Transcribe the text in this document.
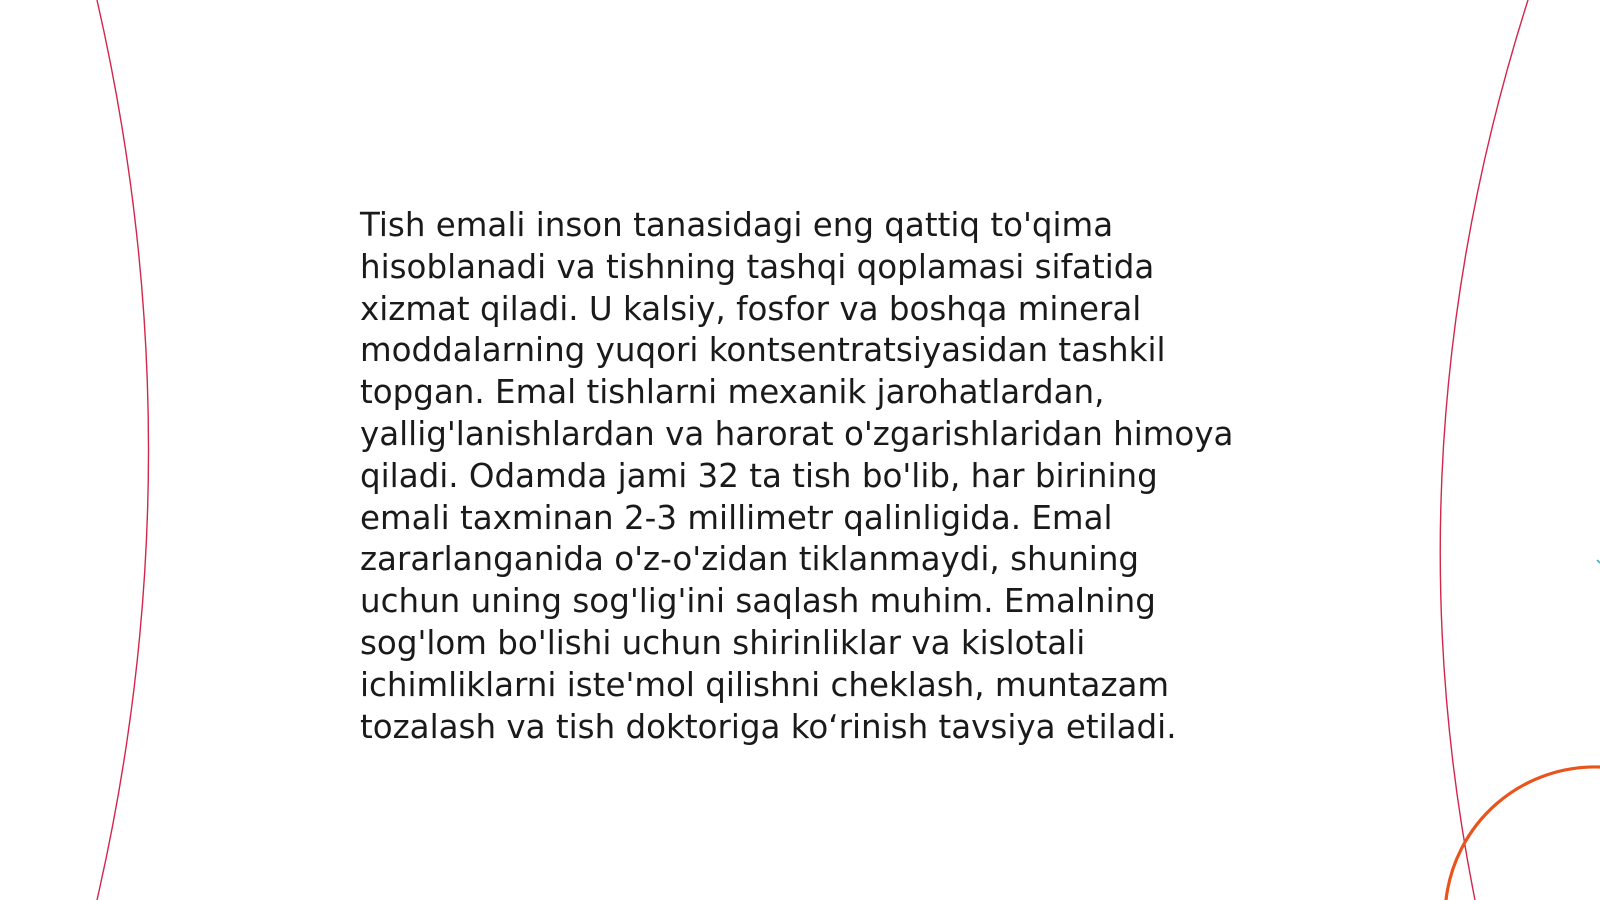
Tish emali inson tanasidagi eng qattiq to'qima
hisoblanadi va tishning tashqi qoplamasi sifatida
xizmat qiladi. U kalsiy, fosfor va boshqa mineral
moddalarning yuqori kontsentratsiyasidan tashkil
topgan. Emal tishlarni mexanik jarohatlardan,
yallig'lanishlardan va harorat o'zgarishlaridan himoya
qiladi. Odamda jami 32 ta tish bo'lib, har birining
emali taxminan 2-3 millimetr qalinligida. Emal
zararlanganida o'z-o'zidan tiklanmaydi, shuning
uchun uning sog'lig'ini saqlash muhim. Emalning
sog'lom bo'lishi uchun shirinliklar va kislotali
ichimliklarni iste'mol qilishni cheklash, muntazam
tozalash va tish doktoriga ko‘rinish tavsiya etiladi.
